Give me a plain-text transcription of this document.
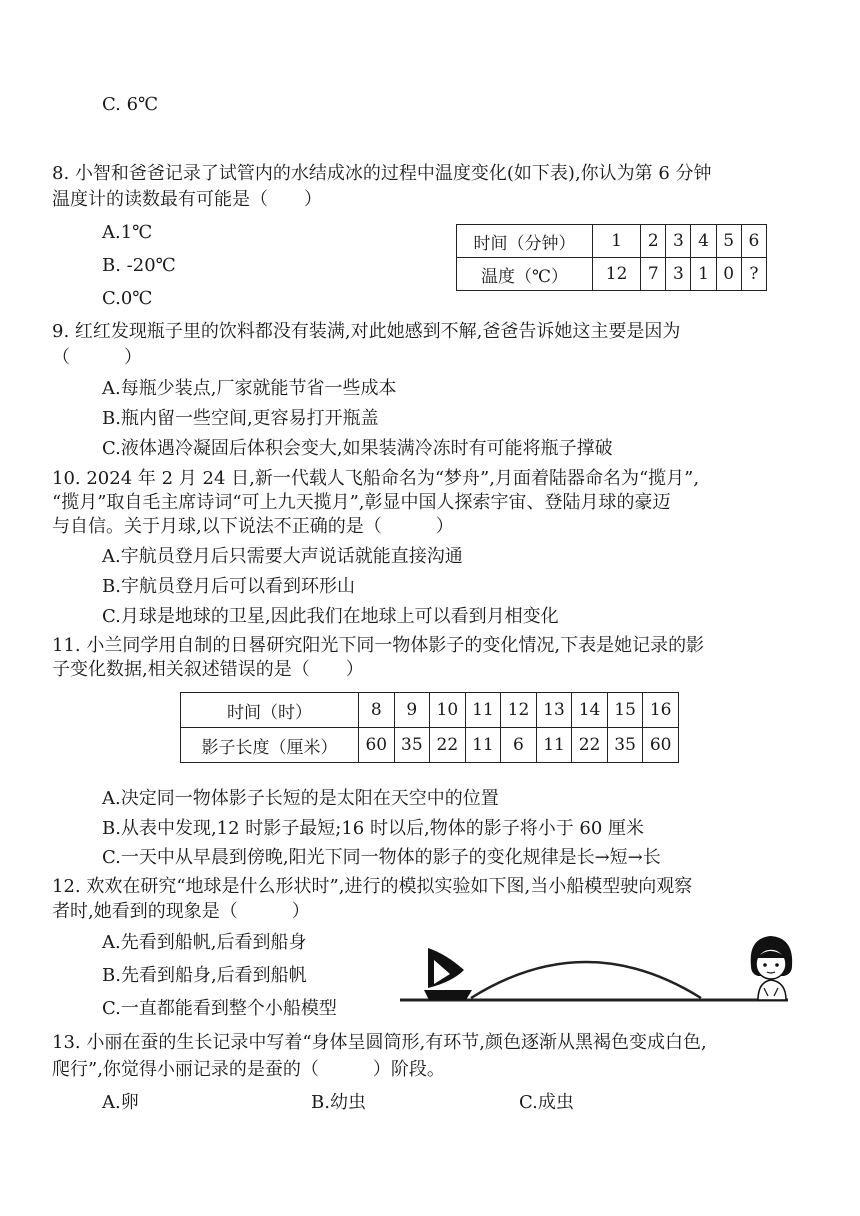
C. 6℃
8. 小智和爸爸记录了试管内的水结成冰的过程中温度变化(如下表),你认为第 6 分钟
温度计的读数最有可能是（　　）
A.1℃
B. -20℃
C.0℃
时间（分钟）	1	2	3	4	5	6
温度（℃）	12	7	3	1	0	?
9. 红红发现瓶子里的饮料都没有装满,对此她感到不解,爸爸告诉她这主要是因为
（　　　）
A.每瓶少装点,厂家就能节省一些成本
B.瓶内留一些空间,更容易打开瓶盖
C.液体遇冷凝固后体积会变大,如果装满冷冻时有可能将瓶子撑破
10. 2024 年 2 月 24 日,新一代载人飞船命名为“梦舟”,月面着陆器命名为“揽月”,
“揽月”取自毛主席诗词“可上九天揽月”,彰显中国人探索宇宙、登陆月球的豪迈
与自信。关于月球,以下说法不正确的是（　　　）
A.宇航员登月后只需要大声说话就能直接沟通
B.宇航员登月后可以看到环形山
C.月球是地球的卫星,因此我们在地球上可以看到月相变化
11. 小兰同学用自制的日晷研究阳光下同一物体影子的变化情况,下表是她记录的影
子变化数据,相关叙述错误的是（　　）
时间（时）	8	9	10	11	12	13	14	15	16
影子长度（厘米）	60	35	22	11	6	11	22	35	60
A.决定同一物体影子长短的是太阳在天空中的位置
B.从表中发现,12 时影子最短;16 时以后,物体的影子将小于 60 厘米
C.一天中从早晨到傍晚,阳光下同一物体的影子的变化规律是长→短→长
12. 欢欢在研究“地球是什么形状时”,进行的模拟实验如下图,当小船模型驶向观察
者时,她看到的现象是（　　　）
A.先看到船帆,后看到船身
B.先看到船身,后看到船帆
C.一直都能看到整个小船模型
13. 小丽在蚕的生长记录中写着“身体呈圆筒形,有环节,颜色逐渐从黑褐色变成白色,
爬行”,你觉得小丽记录的是蚕的（　　　）阶段。
A.卵	B.幼虫	C.成虫
